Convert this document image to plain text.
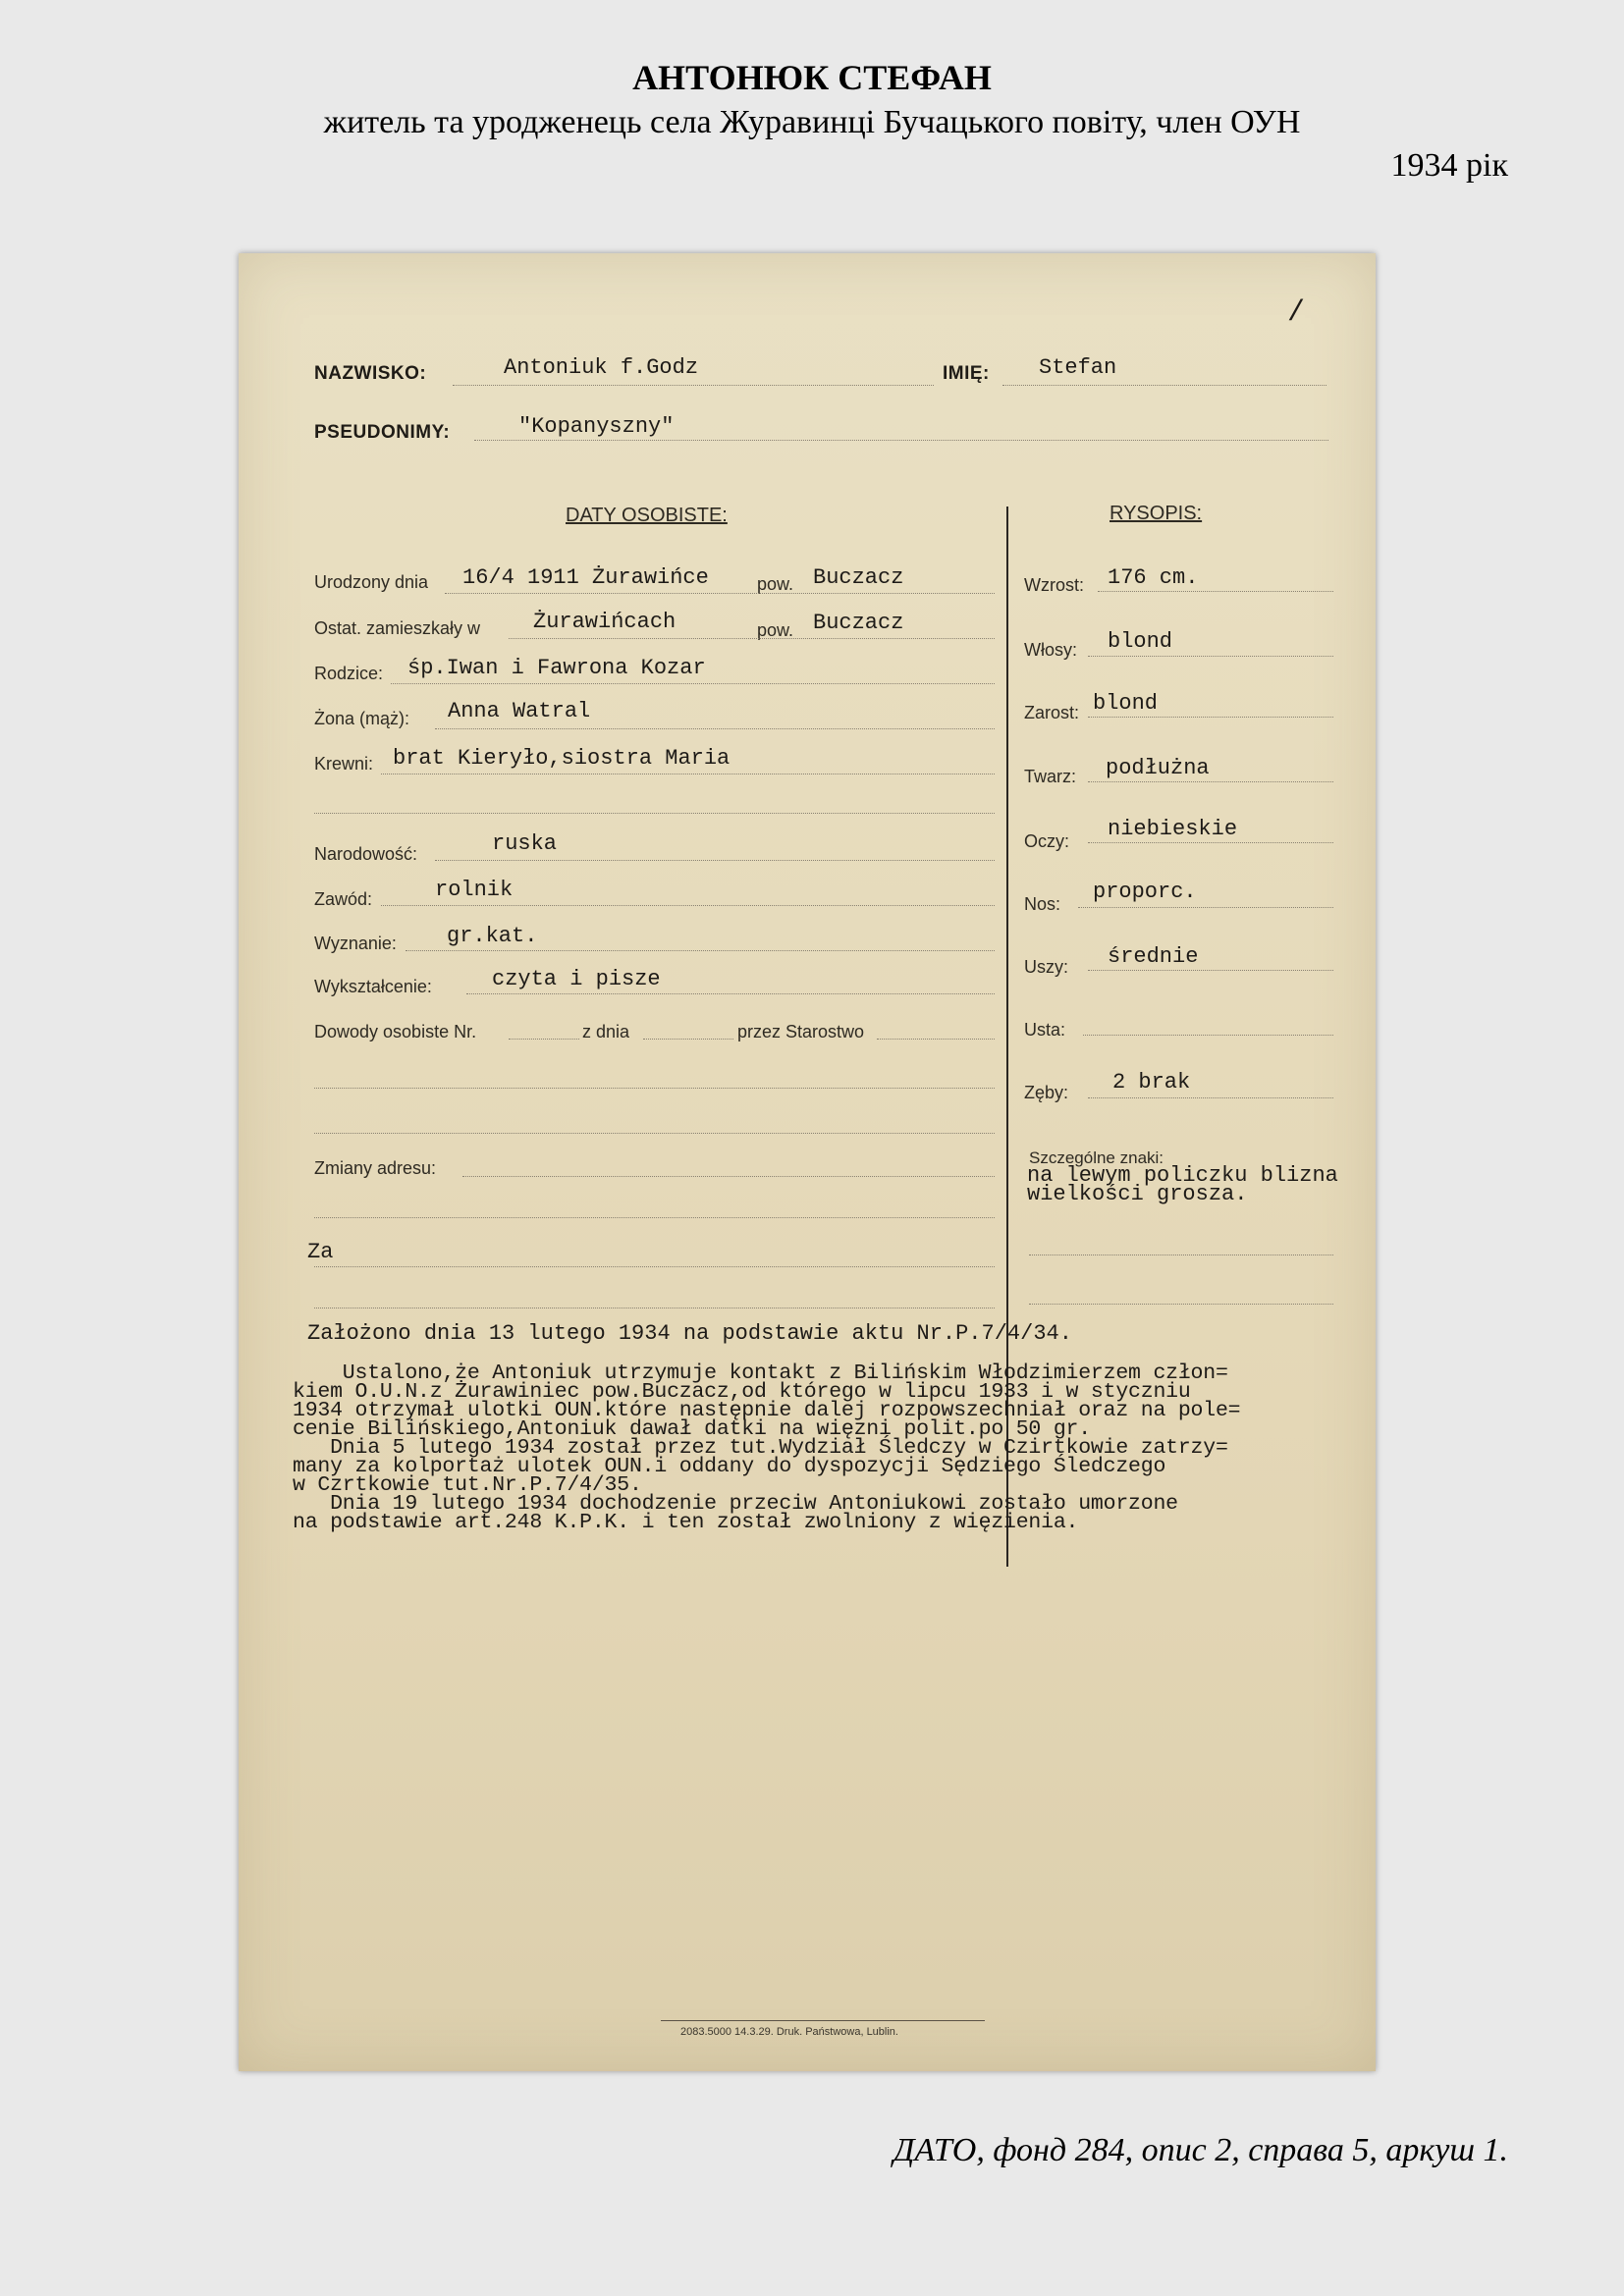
АНТОНЮК СТЕФАН
житель та уродженець села Журавинці Бучацького повіту, член ОУН
1934 рік
/
NAZWISKO:	Antoniuk f.Godz	IMIĘ: Stefan
PSEUDONIMY:	"Kopanyszny"
DATY OSOBISTE:	RYSOPIS:
Urodzony dnia 16/4 1911 Żurawińce	pow. Buczacz
Ostat. zamieszkały w Żurawińcach	pow. Buczacz
Rodzice: śp.Iwan i Fawrona Kozar
Żona (mąż): Anna Watral
Krewni: brat Kieryło,siostra Maria
Narodowość:	ruska
Zawód:	rolnik
Wyznanie: gr.kat.
Wykształcenie:	czyta i pisze
Dowody osobiste Nr.	z dnia	przez Starostwo
Zmiany adresu:
Za
Wzrost: 176 cm.
Włosy: blond
Zarost: blond
Twarz: podłużna
Oczy: niebieskie
Nos: proporc.
Uszy: średnie
Usta:
Zęby: 2 brak
Szczególne znaki:
na lewym policzku blizna
wielkości grosza.
Założono dnia 13 lutego 1934 na podstawie aktu Nr.P.7/4/34.
Ustalono,że Antoniuk utrzymuje kontakt z Bilińskim Włodzimierzem człon=
kiem O.U.N.z Żurawiniec pow.Buczacz,od którego w lipcu 1933 i w styczniu
1934 otrzymał ulotki OUN.które następnie dalej rozpowszechniał oraz na pole=
cenie Bilińskiego,Antoniuk dawał datki na więzni polit.po 50 gr.
Dnia 5 lutego 1934 został przez tut.Wydział Śledczy w Czirtkowie zatrzy=
many za kolportaż ulotek OUN.i oddany do dyspozycji Sędziego Śledczego
w Czrtkowie tut.Nr.P.7/4/35.
Dnia 19 lutego 1934 dochodzenie przeciw Antoniukowi zostało umorzone
na podstawie art.248 K.P.K. i ten został zwolniony z więzienia.
2083.5000 14.3.29. Druk. Państwowa, Lublin.
ДАТО, фонд 284, опис 2, справа 5, аркуш 1.
